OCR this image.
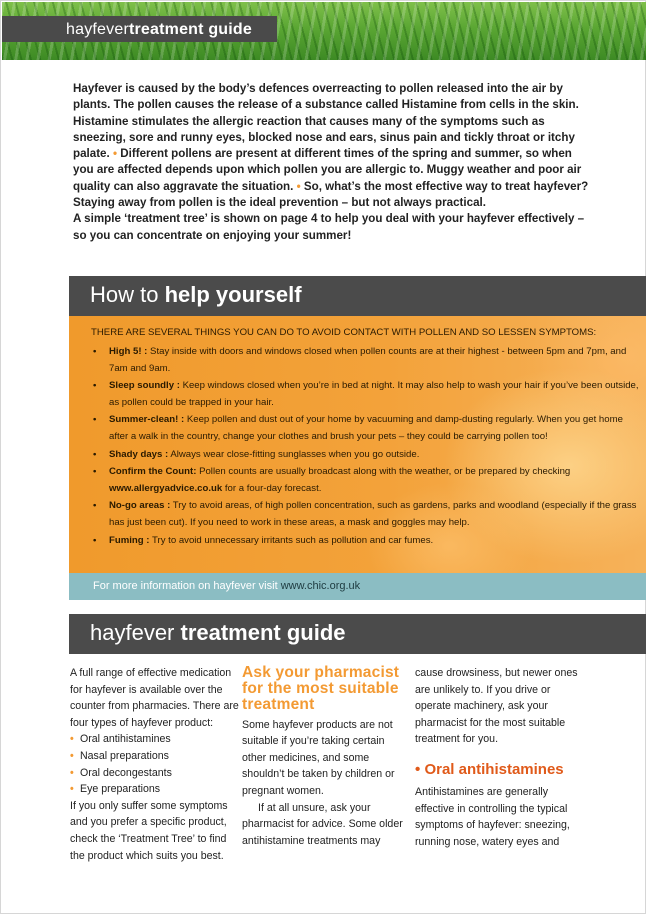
hayfevertreatment guide
Hayfever is caused by the body’s defences overreacting to pollen released into the air by plants. The pollen causes the release of a substance called Histamine from cells in the skin. Histamine stimulates the allergic reaction that causes many of the symptoms such as sneezing, sore and runny eyes, blocked nose and ears, sinus pain and tickly throat or itchy palate. • Different pollens are present at different times of the spring and summer, so when you are affected depends upon which pollen you are allergic to. Muggy weather and poor air quality can also aggravate the situation. • So, what’s the most effective way to treat hayfever? Staying away from pollen is the ideal prevention – but not always practical.
A simple ‘treatment tree’ is shown on page 4 to help you deal with your hayfever effectively – so you can concentrate on enjoying your summer!
How to help yourself
THERE ARE SEVERAL THINGS YOU CAN DO TO AVOID CONTACT WITH POLLEN AND SO LESSEN SYMPTOMS:
• High 5! : Stay inside with doors and windows closed when pollen counts are at their highest - between 5pm and 7pm, and 7am and 9am.
• Sleep soundly : Keep windows closed when you’re in bed at night. It may also help to wash your hair if you’ve been outside, as pollen could be trapped in your hair.
• Summer-clean! : Keep pollen and dust out of your home by vacuuming and damp-dusting regularly. When you get home after a walk in the country, change your clothes and brush your pets – they could be carrying pollen too!
• Shady days : Always wear close-fitting sunglasses when you go outside.
• Confirm the Count: Pollen counts are usually broadcast along with the weather, or be prepared by checking www.allergyadvice.co.uk for a four-day forecast.
• No-go areas : Try to avoid areas, of high pollen concentration, such as gardens, parks and woodland (especially if the grass has just been cut). If you need to work in these areas, a mask and goggles may help.
• Fuming : Try to avoid unnecessary irritants such as pollution and car fumes.
For more information on hayfever visit www.chic.org.uk
hayfever treatment guide

A full range of effective medication for hayfever is available over the counter from pharmacies. There are four types of hayfever product:

• Oral antihistamines
• Nasal preparations
• Oral decongestants
• Eye preparations

If you only suffer some symptoms and you prefer a specific product, check the ‘Treatment Tree’ to find the product which suits you best.

Ask your pharmacist for the most suitable treatment

Some hayfever products are not suitable if you’re taking certain other medicines, and some shouldn’t be taken by children or pregnant women.

If at all unsure, ask your pharmacist for advice. Some older antihistamine treatments may

cause drowsiness, but newer ones are unlikely to. If you drive or operate machinery, ask your pharmacist for the most suitable treatment for you.

• Oral antihistamines

Antihistamines are generally effective in controlling the typical symptoms of hayfever: sneezing, running nose, watery eyes and
